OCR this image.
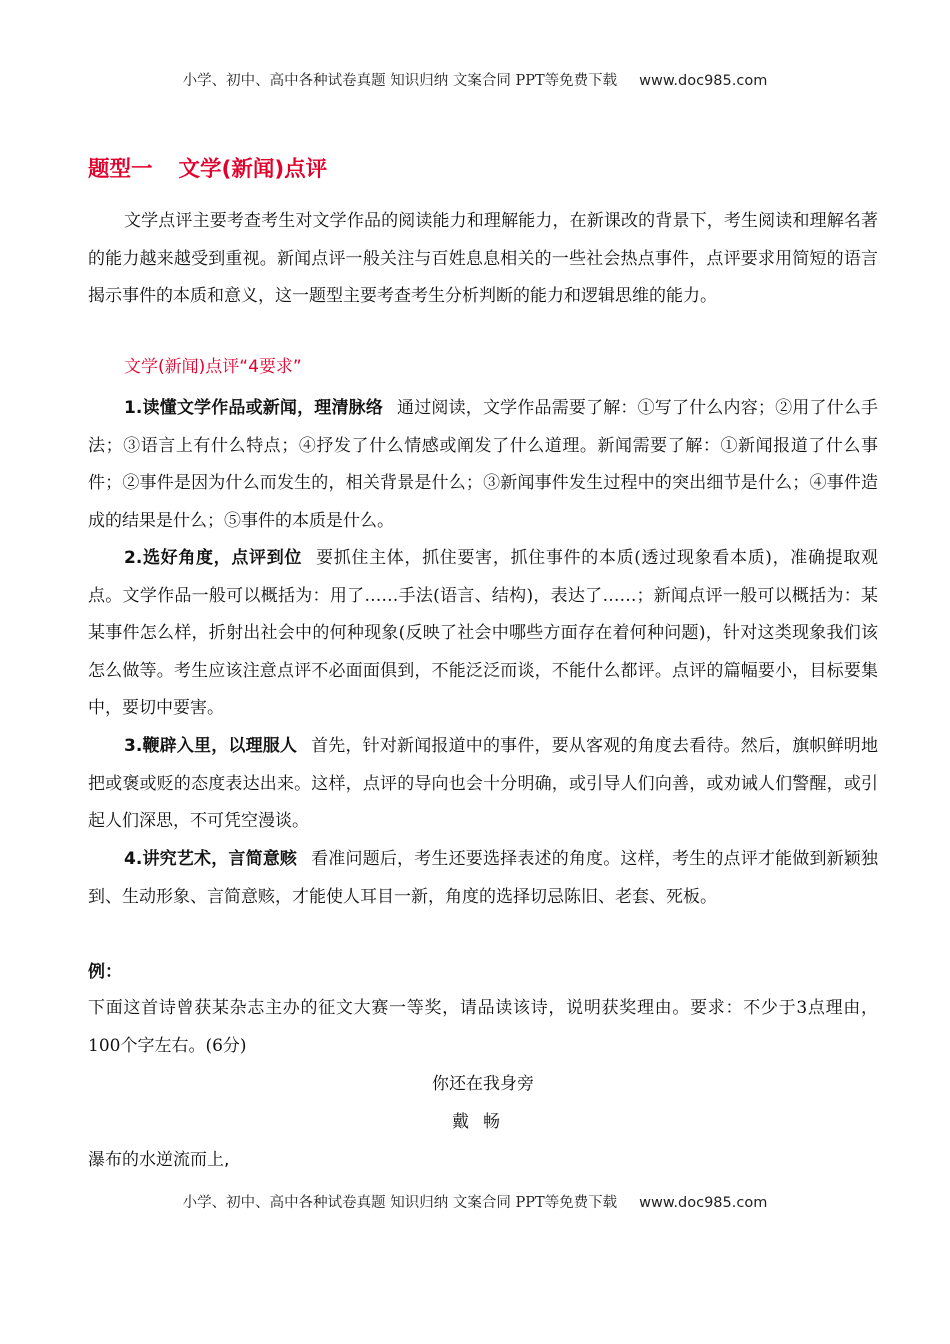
小学、初中、高中各种试卷真题 知识归纳 文案合同 PPT等免费下载 www.doc985.com
题型一 文学(新闻)点评

文学点评主要考查考生对文学作品的阅读能力和理解能力，在新课改的背景下，考生阅读和理解名著的能力越来越受到重视。新闻点评一般关注与百姓息息相关的一些社会热点事件，点评要求用简短的语言揭示事件的本质和意义，这一题型主要考查考生分析判断的能力和逻辑思维的能力。

文学(新闻)点评“4要求”

1.读懂文学作品或新闻，理清脉络 通过阅读，文学作品需要了解：①写了什么内容；②用了什么手法；③语言上有什么特点；④抒发了什么情感或阐发了什么道理。新闻需要了解：①新闻报道了什么事件；②事件是因为什么而发生的，相关背景是什么；③新闻事件发生过程中的突出细节是什么；④事件造成的结果是什么；⑤事件的本质是什么。

2.选好角度，点评到位 要抓住主体，抓住要害，抓住事件的本质(透过现象看本质)，准确提取观点。文学作品一般可以概括为：用了……手法(语言、结构)，表达了……；新闻点评一般可以概括为：某某事件怎么样，折射出社会中的何种现象(反映了社会中哪些方面存在着何种问题)，针对这类现象我们该怎么做等。考生应该注意点评不必面面俱到，不能泛泛而谈，不能什么都评。点评的篇幅要小，目标要集中，要切中要害。

3.鞭辟入里，以理服人 首先，针对新闻报道中的事件，要从客观的角度去看待。然后，旗帜鲜明地把或褒或贬的态度表达出来。这样，点评的导向也会十分明确，或引导人们向善，或劝诫人们警醒，或引起人们深思，不可凭空漫谈。

4.讲究艺术，言简意赅 看准问题后，考生还要选择表述的角度。这样，考生的点评才能做到新颖独到、生动形象、言简意赅，才能使人耳目一新，角度的选择切忌陈旧、老套、死板。

例：

下面这首诗曾获某杂志主办的征文大赛一等奖，请品读该诗，说明获奖理由。要求：不少于3点理由，100个字左右。(6分)

你还在我身旁
戴畅
瀑布的水逆流而上,
小学、初中、高中各种试卷真题 知识归纳 文案合同 PPT等免费下载 www.doc985.com
